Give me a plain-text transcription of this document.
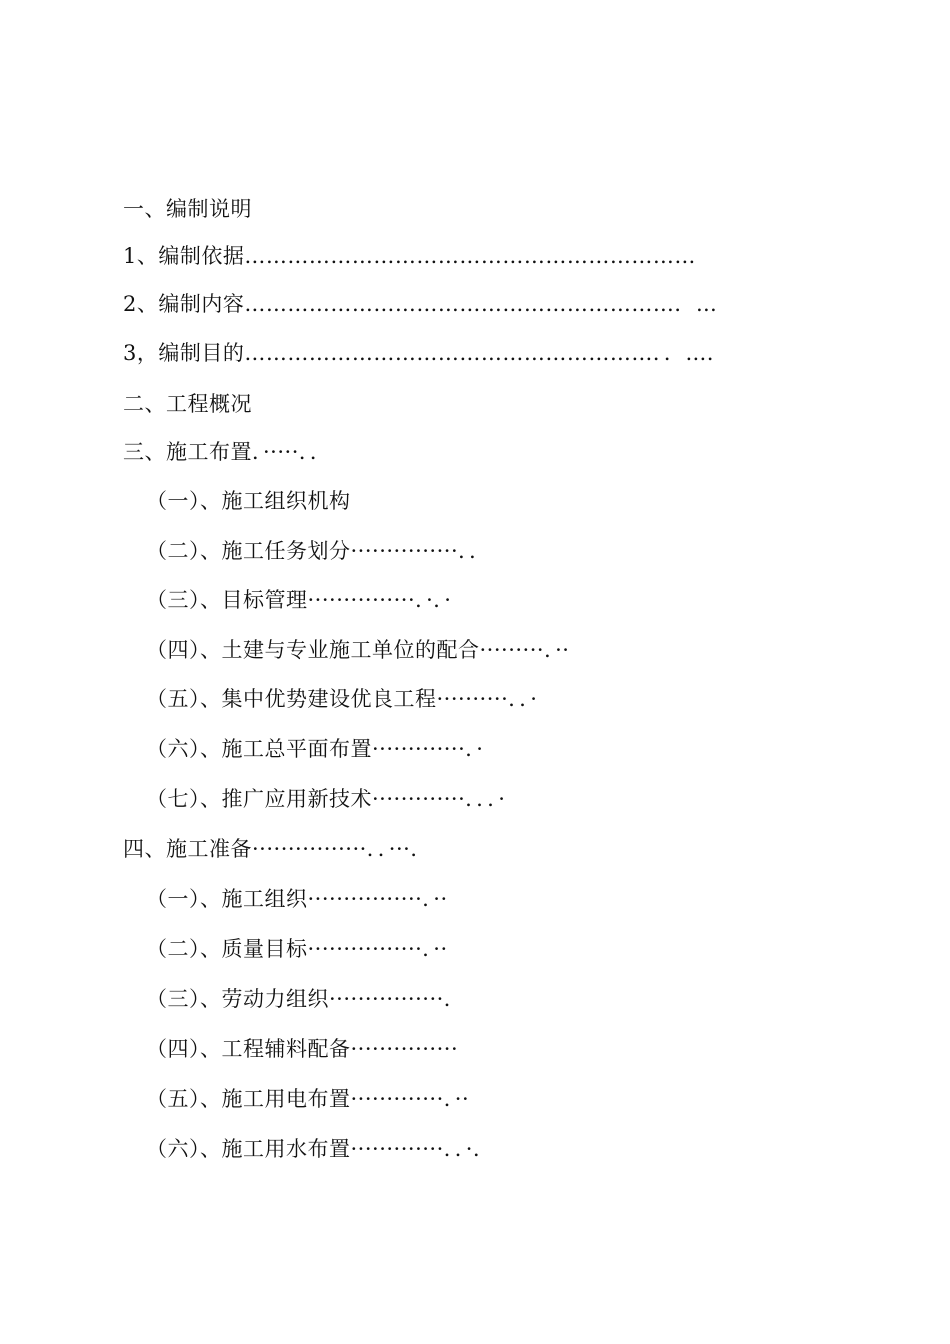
一、编制说明
1、编制依据………………………………………………………
2、编制内容……………………………………………………．…
3，编制目的…………………………………………………．．…．
二、工程概况
三、施工布置．·····．．
（一）、施工组织机构
（二）、施工任务划分···············．．
（三）、目标管理···············．·．·
（四）、土建与专业施工单位的配合·········．··
（五）、集中优势建设优良工程··········．．·
（六）、施工总平面布置·············．·
（七）、推广应用新技术·············．．．·
四、施工准备················．．···．
（一）、施工组织················．··
（二）、质量目标················．··
（三）、劳动力组织················．
（四）、工程辅料配备···············
（五）、施工用电布置·············．··
（六）、施工用水布置·············．．·．
